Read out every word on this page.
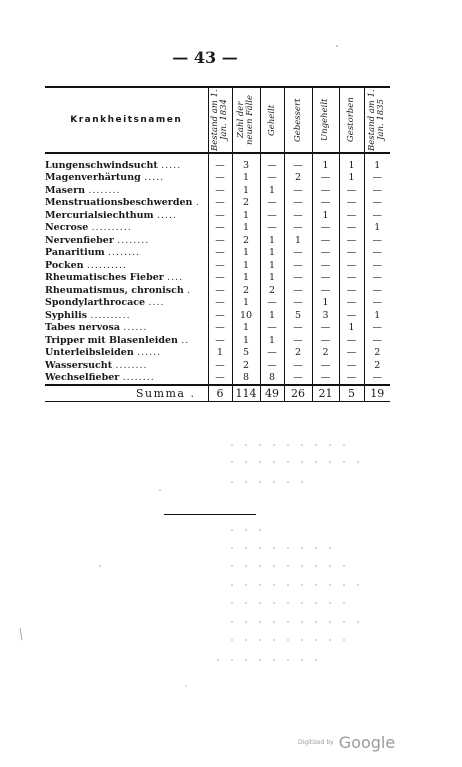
— 43 —
Krankheitsnamen	Bestand am 1. Jan. 1834	Zahl der neuen Fälle	Geheilt	Gebessert	Ungeheilt	Gestorben	Bestand am 1. Jan. 1835

Lungenschwindsucht .....	—	3	—	—	1	1	1
Magenverhärtung .....	—	1	—	2	—	1	—
Masern ........	—	1	1	—	—	—	—
Menstruationsbeschwerden .	—	2	—	—	—	—	—
Mercurialsiechthum .....	—	1	—	—	1	—	—
Necrose ..........	—	1	—	—	—	—	1
Nervenfieber ........	—	2	1	1	—	—	—
Panaritium ........	—	1	1	—	—	—	—
Pocken ..........	—	1	1	—	—	—	—
Rheumatisches Fieber ....	—	1	1	—	—	—	—
Rheumatismus, chronisch .	—	2	2	—	—	—	—
Spondylarthrocace ....	—	1	—	—	1	—	—
Syphilis ..........	—	10	1	5	3	—	1
Tabes nervosa ......	—	1	—	—	—	1	—
Tripper mit Blasenleiden ..	—	1	1	—	—	—	—
Unterleibsleiden ......	1	5	—	2	2	—	2
Wassersucht ........	—	2	—	—	—	—	2
Wechselfieber ........	—	8	8	—	—	—	—
Summa .	6	114	49	26	21	5	19
Digitized by Google
